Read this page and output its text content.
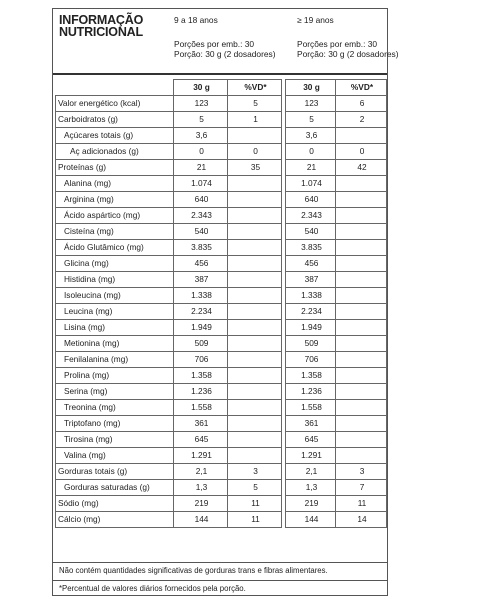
INFORMAÇÃO
NUTRICIONAL
9 a 18 anos
Porções por emb.: 30
Porção: 30 g (2 dosadores)
≥ 19 anos
Porções por emb.: 30
Porção: 30 g (2 dosadores)
	30 g	%VD*		30 g	%VD*
Valor energético (kcal)	123	5		123	6
Carboidratos (g)	5	1		5	2
Açúcares totais (g)	3,6			3,6	
Aç adicionados (g)	0	0		0	0
Proteínas (g)	21	35		21	42
Alanina (mg)	1.074			1.074	
Arginina (mg)	640			640	
Ácido aspártico (mg)	2.343			2.343	
Cisteína (mg)	540			540	
Ácido Glutâmico (mg)	3.835			3.835	
Glicina (mg)	456			456	
Histidina (mg)	387			387	
Isoleucina (mg)	1.338			1.338	
Leucina (mg)	2.234			2.234	
Lisina (mg)	1.949			1.949	
Metionina (mg)	509			509	
Fenilalanina (mg)	706			706	
Prolina (mg)	1.358			1.358	
Serina (mg)	1.236			1.236	
Treonina (mg)	1.558			1.558	
Triptofano (mg)	361			361	
Tirosina (mg)	645			645	
Valina (mg)	1.291			1.291	
Gorduras totais (g)	2,1	3		2,1	3
Gorduras saturadas (g)	1,3	5		1,3	7
Sódio (mg)	219	11		219	11
Cálcio (mg)	144	11		144	14
Não contém quantidades significativas de gorduras trans e fibras alimentares.
*Percentual de valores diários fornecidos pela porção.
